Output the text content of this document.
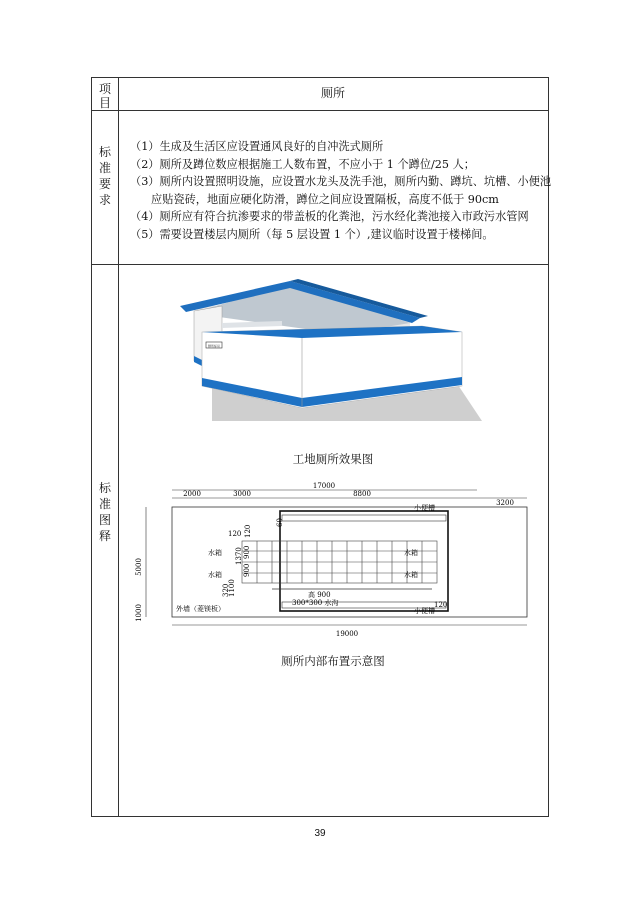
项
目
厕所
标
准
要
求
（1）生成及生活区应设置通风良好的自冲洗式厕所
（2）厕所及蹲位数应根据施工人数布置，不应小于 1 个蹲位/25 人；
（3）厕所内设置照明设施，应设置水龙头及洗手池，厕所内勤、蹲坑、坑槽、小便池
应贴瓷砖，地面应硬化防滑，蹲位之间应设置隔板，高度不低于 90cm
（4）厕所应有符合抗渗要求的带盖板的化粪池，污水经化粪池接入市政污水管网
（5）需要设置楼层内厕所（每 5 层设置 1 个）,建议临时设置于楼梯间。
标
准
图
释
厕所标识
工地厕所效果图
17000
2000	3000	8800
3200
5000
1000
60
120 120
120
1370 900
900
320
1100
小便槽
小便槽
水箱
水箱
水箱
水箱
高 900
300*300 水沟
外墙（菱镁板）
19000
厕所内部布置示意图
39
